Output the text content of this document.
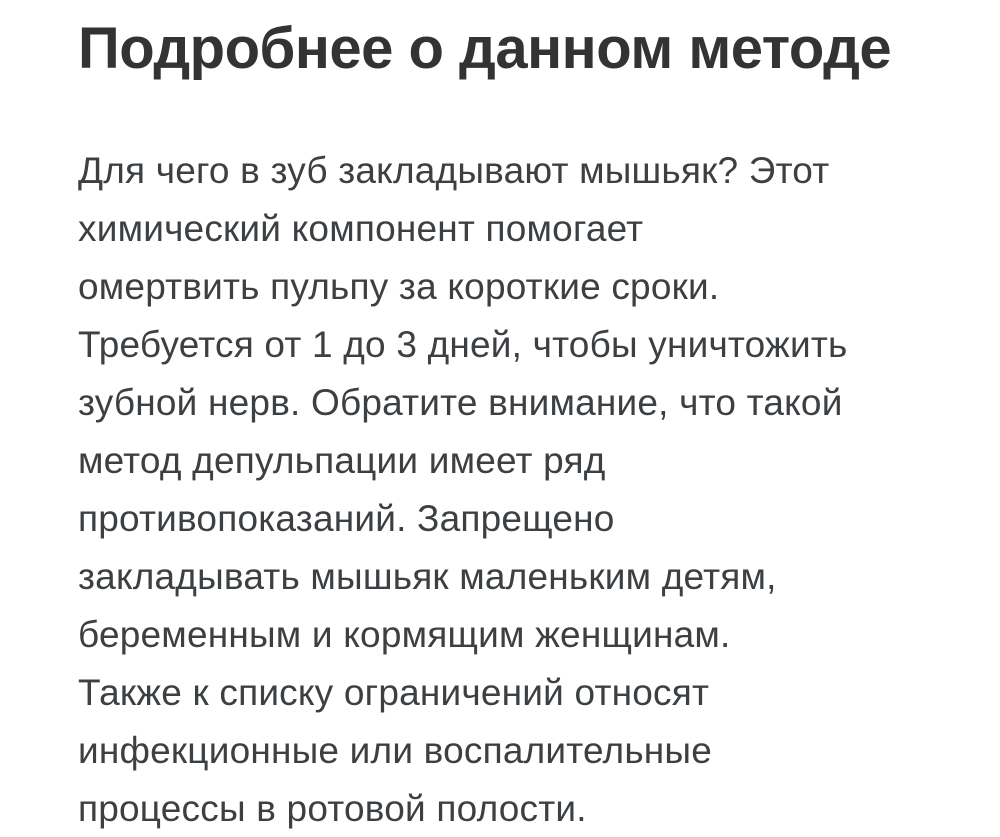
Подробнее о данном методе
Для чего в зуб закладывают мышьяк? Этот
химический компонент помогает
омертвить пульпу за короткие сроки.
Требуется от 1 до 3 дней, чтобы уничтожить
зубной нерв. Обратите внимание, что такой
метод депульпации имеет ряд
противопоказаний. Запрещено
закладывать мышьяк маленьким детям,
беременным и кормящим женщинам.
Также к списку ограничений относят
инфекционные или воспалительные
процессы в ротовой полости.
